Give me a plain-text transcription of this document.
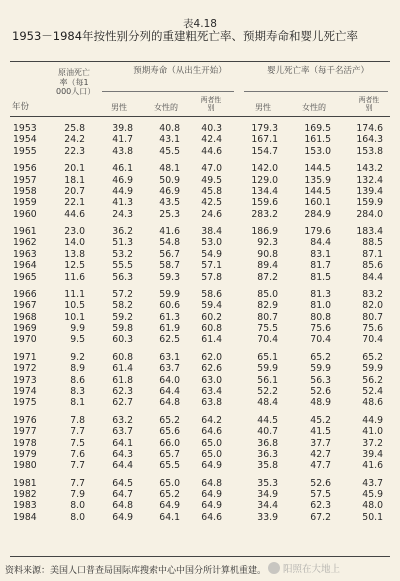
表4.18
1953－1984年按性别分列的重建粗死亡率、预期寿命和婴儿死亡率
原油死亡率（每1 000人口）
预期寿命（从出生开始）	婴儿死亡率（每千名活产）
年份	男性	女性的
两者性别	男性	女性的
两者性别
1953	25.8	39.8	40.8	40.3	179.3	169.5	174.6
1954	24.2	41.7	43.1	42.4	167.1	161.5	164.3
1955	22.3	43.8	45.5	44.6	154.7	153.0	153.8
1956	20.1	46.1	48.1	47.0	142.0	144.5	143.2
1957	18.1	46.9	50.9	49.5	129.0	135.9	132.4
1958	20.7	44.9	46.9	45.8	134.4	144.5	139.4
1959	22.1	41.3	43.5	42.5	159.6	160.1	159.9
1960	44.6	24.3	25.3	24.6	283.2	284.9	284.0
1961	23.0	36.2	41.6	38.4	186.9	179.6	183.4
1962	14.0	51.3	54.8	53.0	92.3	84.4	88.5
1963	13.8	53.2	56.7	54.9	90.8	83.1	87.1
1964	12.5	55.5	58.7	57.1	89.4	81.7	85.6
1965	11.6	56.3	59.3	57.8	87.2	81.5	84.4
1966	11.1	57.2	59.9	58.6	85.0	81.3	83.2
1967	10.5	58.2	60.6	59.4	82.9	81.0	82.0
1968	10.1	59.2	61.3	60.2	80.7	80.8	80.7
1969	9.9	59.8	61.9	60.8	75.5	75.6	75.6
1970	9.5	60.3	62.5	61.4	70.4	70.4	70.4
1971	9.2	60.8	63.1	62.0	65.1	65.2	65.2
1972	8.9	61.4	63.7	62.6	59.9	59.9	59.9
1973	8.6	61.8	64.0	63.0	56.1	56.3	56.2
1974	8.3	62.3	64.4	63.4	52.2	52.6	52.4
1975	8.1	62.7	64.8	63.8	48.4	48.9	48.6
1976	7.8	63.2	65.2	64.2	44.5	45.2	44.9
1977	7.7	63.7	65.6	64.6	40.7	41.5	41.0
1978	7.5	64.1	66.0	65.0	36.8	37.7	37.2
1979	7.6	64.3	65.7	65.0	36.3	42.7	39.4
1980	7.7	64.4	65.5	64.9	35.8	47.7	41.6
1981	7.7	64.5	65.0	64.8	35.3	52.6	43.7
1982	7.9	64.7	65.2	64.9	34.9	57.5	45.9
1983	8.0	64.8	64.9	64.9	34.4	62.3	48.0
1984	8.0	64.9	64.1	64.6	33.9	67.2	50.1
资料来源：美国人口普查局国际库搜索中心中国分所计算机重建。 阳照在大地上
